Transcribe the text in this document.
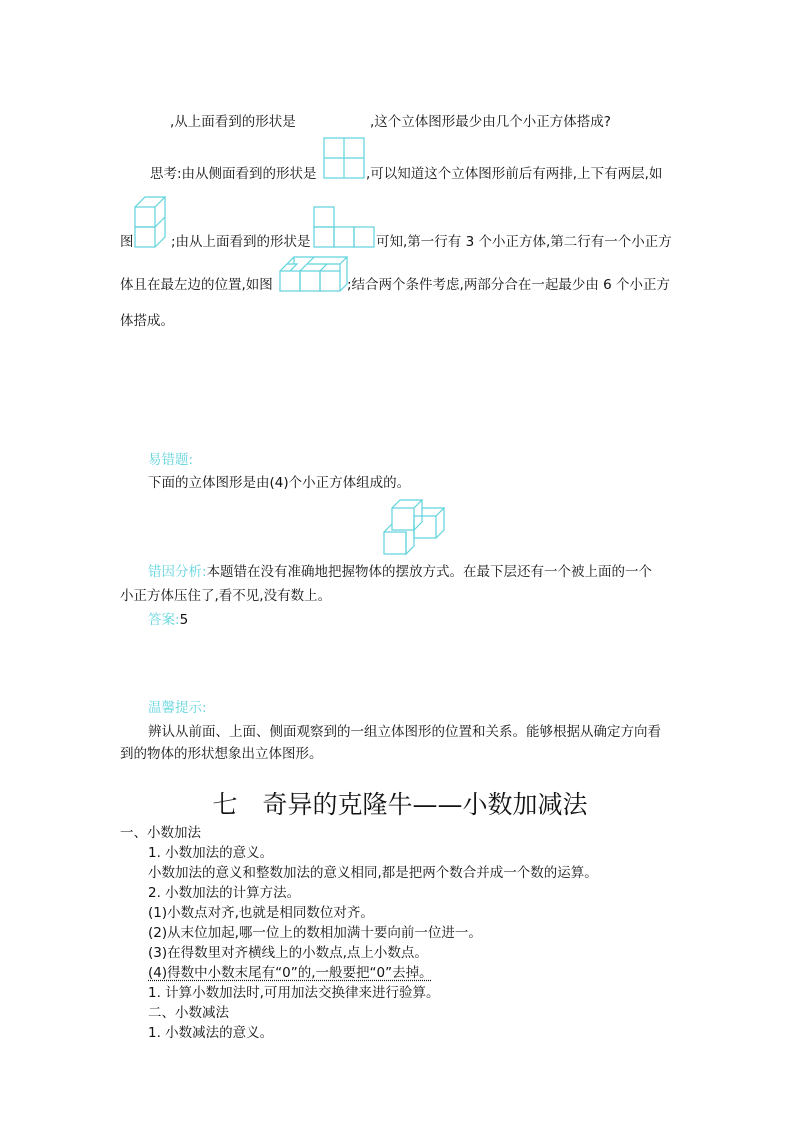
,从上面看到的形状是	,这个立体图形最少由几个小正方体搭成?
思考:由从侧面看到的形状是	,可以知道这个立体图形前后有两排,上下有两层,如
图	;由从上面看到的形状是	可知,第一行有 3 个小正方体,第二行有一个小正方
体且在最左边的位置,如图	;结合两个条件考虑,两部分合在一起最少由 6 个小正方
体搭成。
易错题:
下面的立体图形是由(4)个小正方体组成的。
错因分析:本题错在没有准确地把握物体的摆放方式。在最下层还有一个被上面的一个
小正方体压住了,看不见,没有数上。
答案:5
温馨提示:
辨认从前面、上面、侧面观察到的一组立体图形的位置和关系。能够根据从确定方向看
到的物体的形状想象出立体图形。
七　奇异的克隆牛——小数加减法
一、小数加法
1. 小数加法的意义。
小数加法的意义和整数加法的意义相同,都是把两个数合并成一个数的运算。
2. 小数加法的计算方法。
(1)小数点对齐,也就是相同数位对齐。
(2)从末位加起,哪一位上的数相加满十要向前一位进一。
(3)在得数里对齐横线上的小数点,点上小数点。
(4)得数中小数末尾有“0”的,一般要把“0”去掉。
1. 计算小数加法时,可用加法交换律来进行验算。
二、小数减法
1. 小数减法的意义。
